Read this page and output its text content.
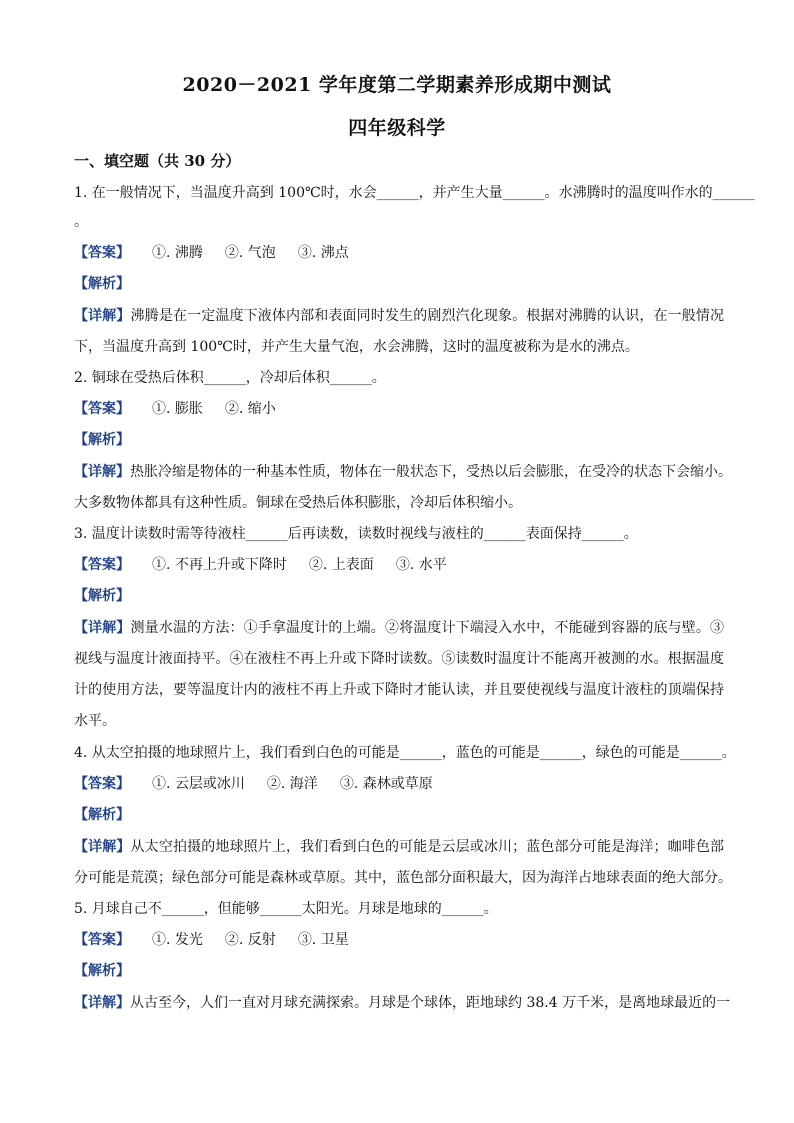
2020－2021 学年度第二学期素养形成期中测试
四年级科学
一、填空题（共 30 分）
1. 在一般情况下，当温度升高到 100℃时，水会______，并产生大量______。水沸腾时的温度叫作水的______
。
【答案】 ①. 沸腾 ②. 气泡 ③. 沸点
【解析】
【详解】沸腾是在一定温度下液体内部和表面同时发生的剧烈汽化现象。根据对沸腾的认识，在一般情况
下，当温度升高到 100℃时，并产生大量气泡，水会沸腾，这时的温度被称为是水的沸点。
2. 铜球在受热后体积______，冷却后体积______。
【答案】 ①. 膨胀 ②. 缩小
【解析】
【详解】热胀冷缩是物体的一种基本性质，物体在一般状态下，受热以后会膨胀，在受冷的状态下会缩小。
大多数物体都具有这种性质。铜球在受热后体积膨胀，冷却后体积缩小。
3. 温度计读数时需等待液柱______后再读数，读数时视线与液柱的______表面保持______。
【答案】 ①. 不再上升或下降时 ②. 上表面 ③. 水平
【解析】
【详解】测量水温的方法：①手拿温度计的上端。②将温度计下端浸入水中，不能碰到容器的底与壁。③
视线与温度计液面持平。④在液柱不再上升或下降时读数。⑤读数时温度计不能离开被测的水。根据温度
计的使用方法，要等温度计内的液柱不再上升或下降时才能认读，并且要使视线与温度计液柱的顶端保持
水平。
4. 从太空拍摄的地球照片上，我们看到白色的可能是______，蓝色的可能是______，绿色的可能是______。
【答案】 ①. 云层或冰川 ②. 海洋 ③. 森林或草原
【解析】
【详解】从太空拍摄的地球照片上，我们看到白色的可能是云层或冰川；蓝色部分可能是海洋；咖啡色部
分可能是荒漠；绿色部分可能是森林或草原。其中，蓝色部分面积最大，因为海洋占地球表面的绝大部分。
5. 月球自己不______，但能够______太阳光。月球是地球的______。
【答案】 ①. 发光 ②. 反射 ③. 卫星
【解析】
【详解】从古至今，人们一直对月球充满探索。月球是个球体，距地球约 38.4 万千米，是离地球最近的一
